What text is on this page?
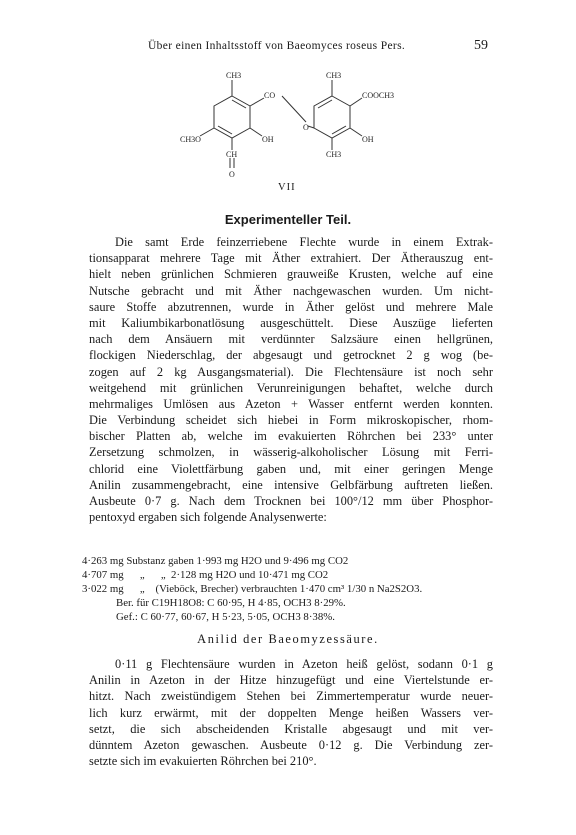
Über einen Inhaltsstoff von Baeomyces roseus Pers.	59
CH3	CH3
CO	COOCH3
CH3O	OH
O
OH
CH	CH3
O
VII
Experimenteller Teil.
Die samt Erde feinzerriebene Flechte wurde in einem Extrak-
tionsapparat mehrere Tage mit Äther extrahiert. Der Ätherauszug ent-
hielt neben grünlichen Schmieren grauweiße Krusten, welche auf eine
Nutsche gebracht und mit Äther nachgewaschen wurden. Um nicht-
saure Stoffe abzutrennen, wurde in Äther gelöst und mehrere Male
mit Kaliumbikarbonatlösung ausgeschüttelt. Diese Auszüge lieferten
nach dem Ansäuern mit verdünnter Salzsäure einen hellgrünen,
flockigen Niederschlag, der abgesaugt und getrocknet 2 g wog (be-
zogen auf 2 kg Ausgangsmaterial). Die Flechtensäure ist noch sehr
weitgehend mit grünlichen Verunreinigungen behaftet, welche durch
mehrmaliges Umlösen aus Azeton + Wasser entfernt werden konnten.
Die Verbindung scheidet sich hiebei in Form mikroskopischer, rhom-
bischer Platten ab, welche im evakuierten Röhrchen bei 233° unter
Zersetzung schmolzen, in wässerig-alkoholischer Lösung mit Ferri-
chlorid eine Violettfärbung gaben und, mit einer geringen Menge
Anilin zusammengebracht, eine intensive Gelbfärbung auftreten ließen.
Ausbeute 0·7 g. Nach dem Trocknen bei 100°/12 mm über Phosphor-
pentoxyd ergaben sich folgende Analysenwerte:
4·263 mg Substanz gaben 1·993 mg H2O und 9·496 mg CO2
4·707 mg      „      „  2·128 mg H2O und 10·471 mg CO2
3·022 mg      „    (Vieböck, Brecher) verbrauchten 1·470 cm³ 1/30 n Na2S2O3.
Ber. für C19H18O8: C 60·95, H 4·85, OCH3 8·29%.
Gef.: C 60·77, 60·67, H 5·23, 5·05, OCH3 8·38%.
Anilid der Baeomyzessäure.
0·11 g Flechtensäure wurden in Azeton heiß gelöst, sodann 0·1 g
Anilin in Azeton in der Hitze hinzugefügt und eine Viertelstunde er-
hitzt. Nach zweistündigem Stehen bei Zimmertemperatur wurde neuer-
lich kurz erwärmt, mit der doppelten Menge heißen Wassers ver-
setzt, die sich abscheidenden Kristalle abgesaugt und mit ver-
dünntem Azeton gewaschen. Ausbeute 0·12 g. Die Verbindung zer-
setzte sich im evakuierten Röhrchen bei 210°.
